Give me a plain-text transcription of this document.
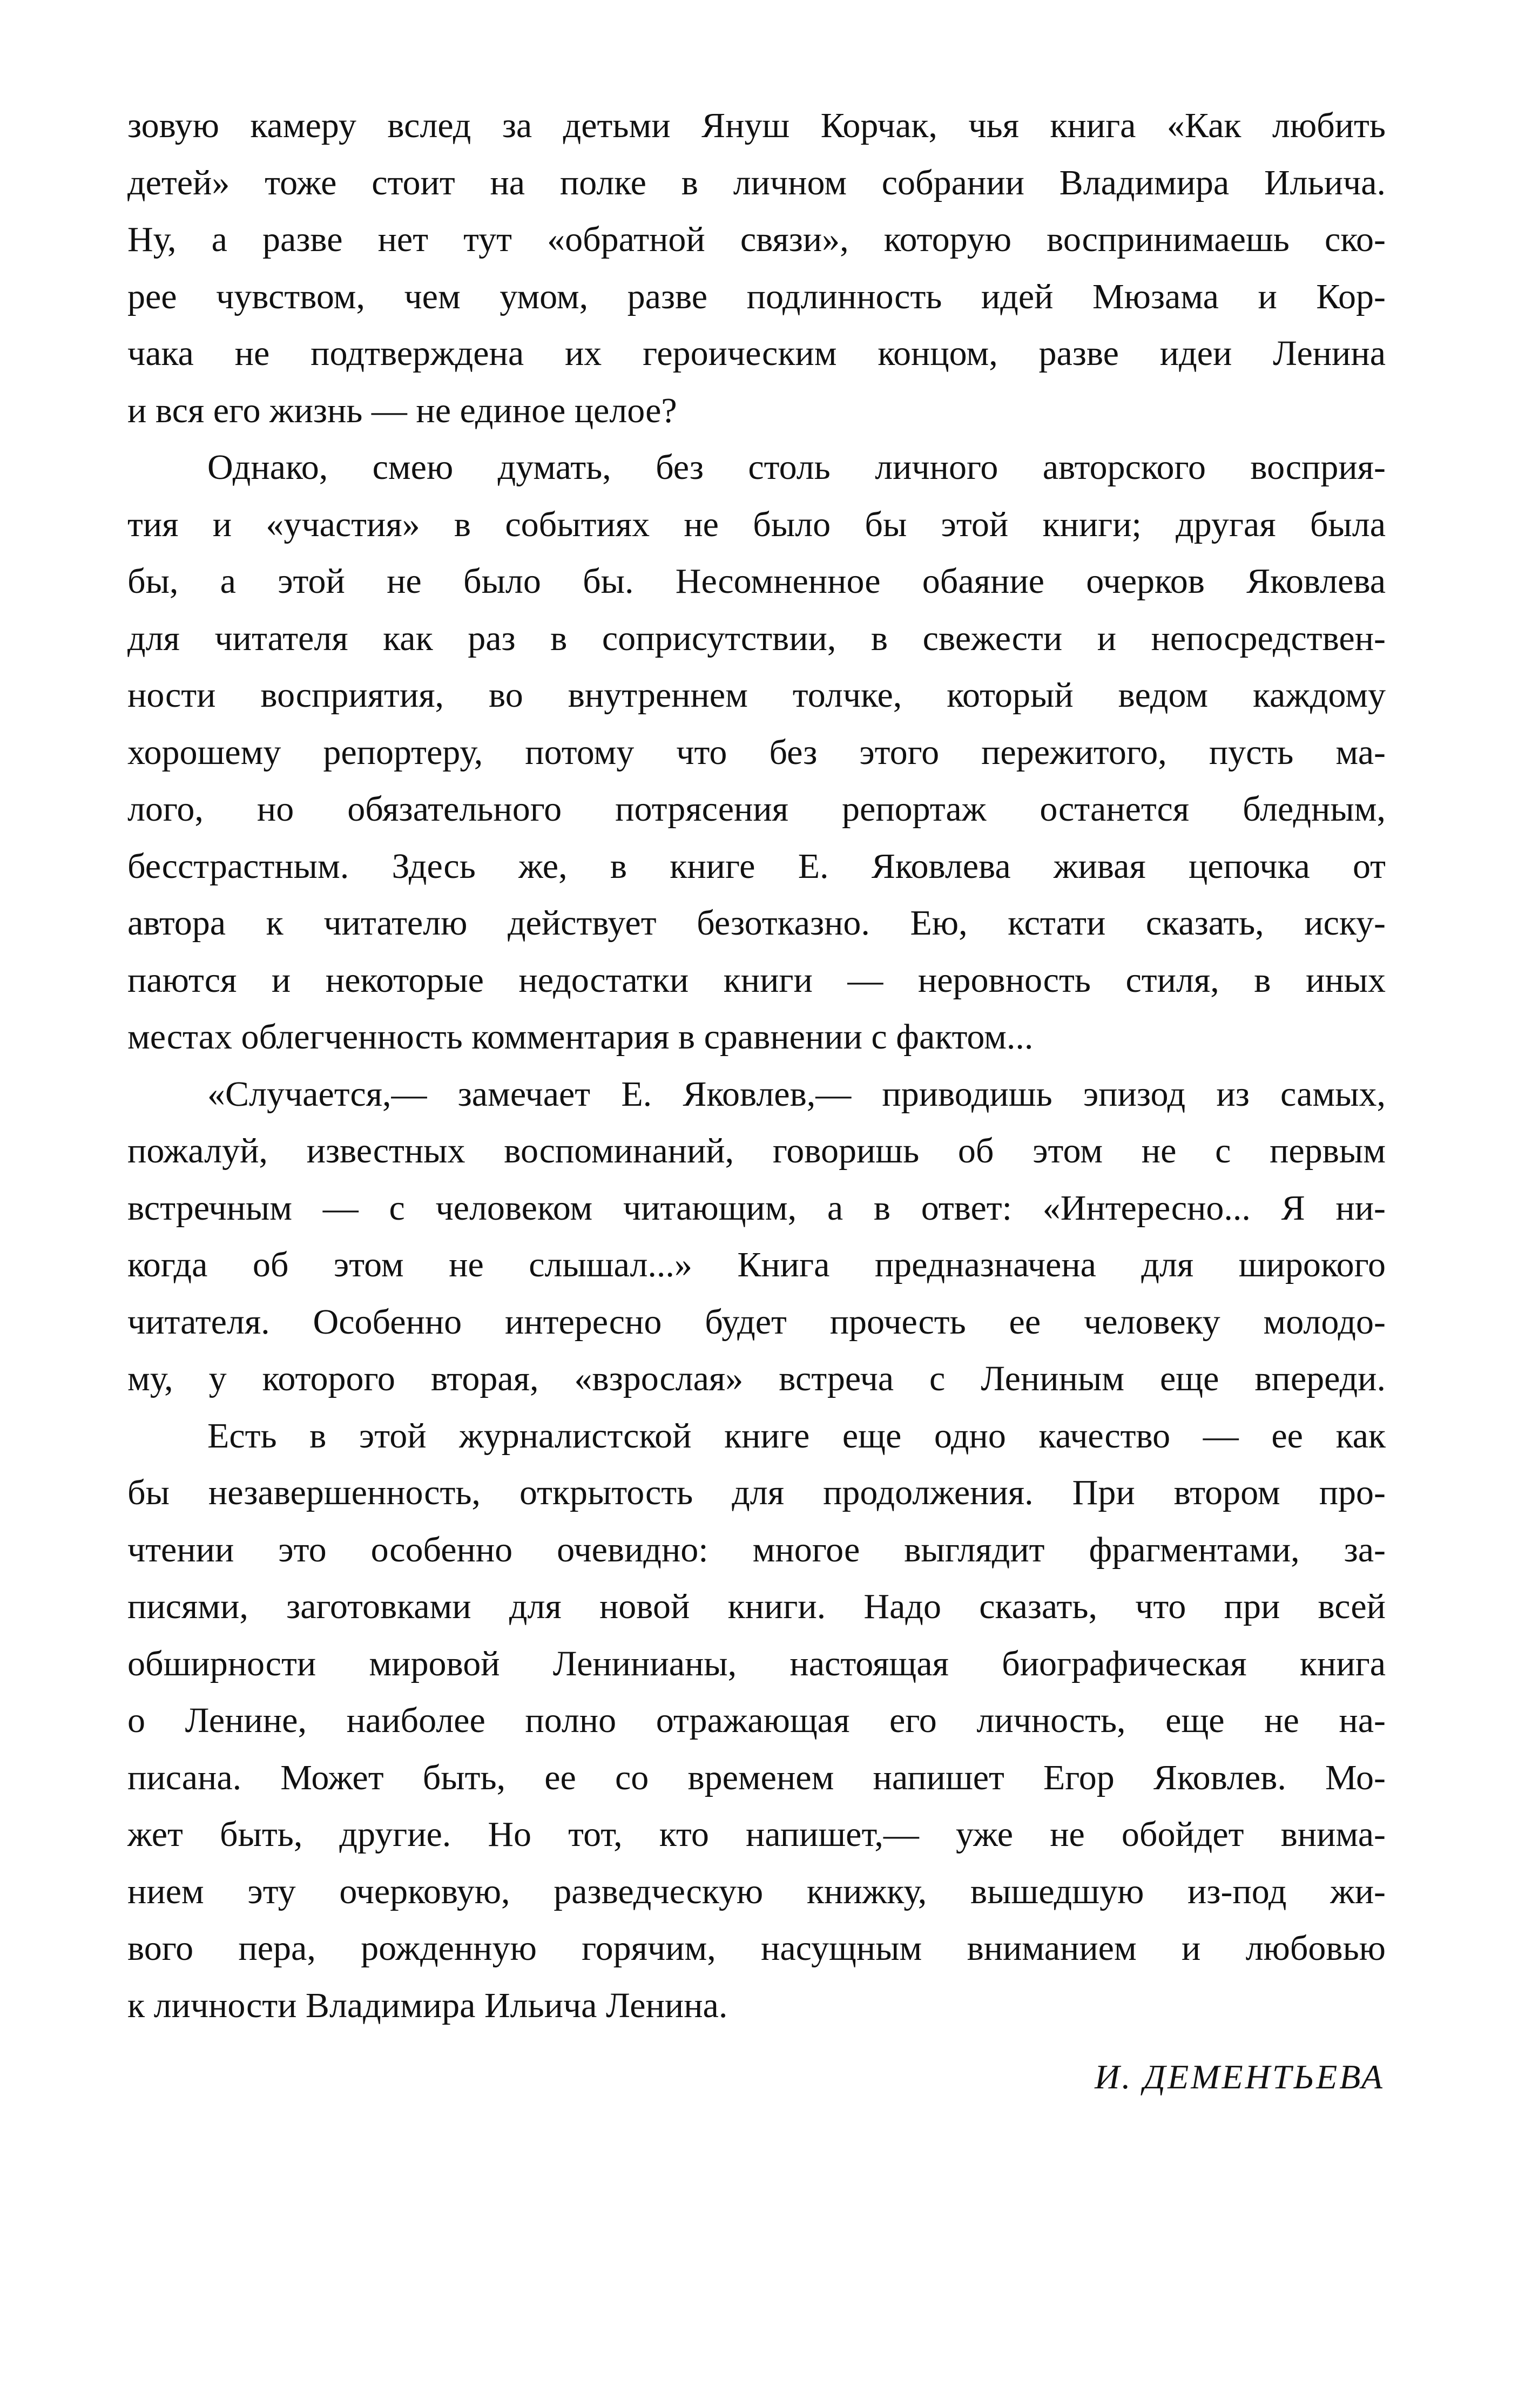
зовую камеру вслед за детьми Януш Корчак, чья книга «Как любить
детей» тоже стоит на полке в личном собрании Владимира Ильича.
Ну, а разве нет тут «обратной связи», которую воспринимаешь ско-
рее чувством, чем умом, разве подлинность идей Мюзама и Кор-
чака не подтверждена их героическим концом, разве идеи Ленина
и вся его жизнь — не единое целое?

Однако, смею думать, без столь личного авторского восприя-
тия и «участия» в событиях не было бы этой книги; другая была
бы, а этой не было бы. Несомненное обаяние очерков Яковлева
для читателя как раз в соприсутствии, в свежести и непосредствен-
ности восприятия, во внутреннем толчке, который ведом каждому
хорошему репортеру, потому что без этого пережитого, пусть ма-
лого, но обязательного потрясения репортаж останется бледным,
бесстрастным. Здесь же, в книге Е. Яковлева живая цепочка от
автора к читателю действует безотказно. Ею, кстати сказать, иску-
паются и некоторые недостатки книги — неровность стиля, в иных
местах облегченность комментария в сравнении с фактом...

«Случается,— замечает Е. Яковлев,— приводишь эпизод из самых,
пожалуй, известных воспоминаний, говоришь об этом не с первым
встречным — с человеком читающим, а в ответ: «Интересно... Я ни-
когда об этом не слышал...» Книга предназначена для широкого
читателя. Особенно интересно будет прочесть ее человеку молодо-
му, у которого вторая, «взрослая» встреча с Лениным еще впереди.

Есть в этой журналистской книге еще одно качество — ее как
бы незавершенность, открытость для продолжения. При втором про-
чтении это особенно очевидно: многое выглядит фрагментами, за-
писями, заготовками для новой книги. Надо сказать, что при всей
обширности мировой Ленинианы, настоящая биографическая книга
о Ленине, наиболее полно отражающая его личность, еще не на-
писана. Может быть, ее со временем напишет Егор Яковлев. Мо-
жет быть, другие. Но тот, кто напишет,— уже не обойдет внима-
нием эту очерковую, разведческую книжку, вышедшую из-под жи-
вого пера, рожденную горячим, насущным вниманием и любовью
к личности Владимира Ильича Ленина.

И. ДЕМЕНТЬЕВА
